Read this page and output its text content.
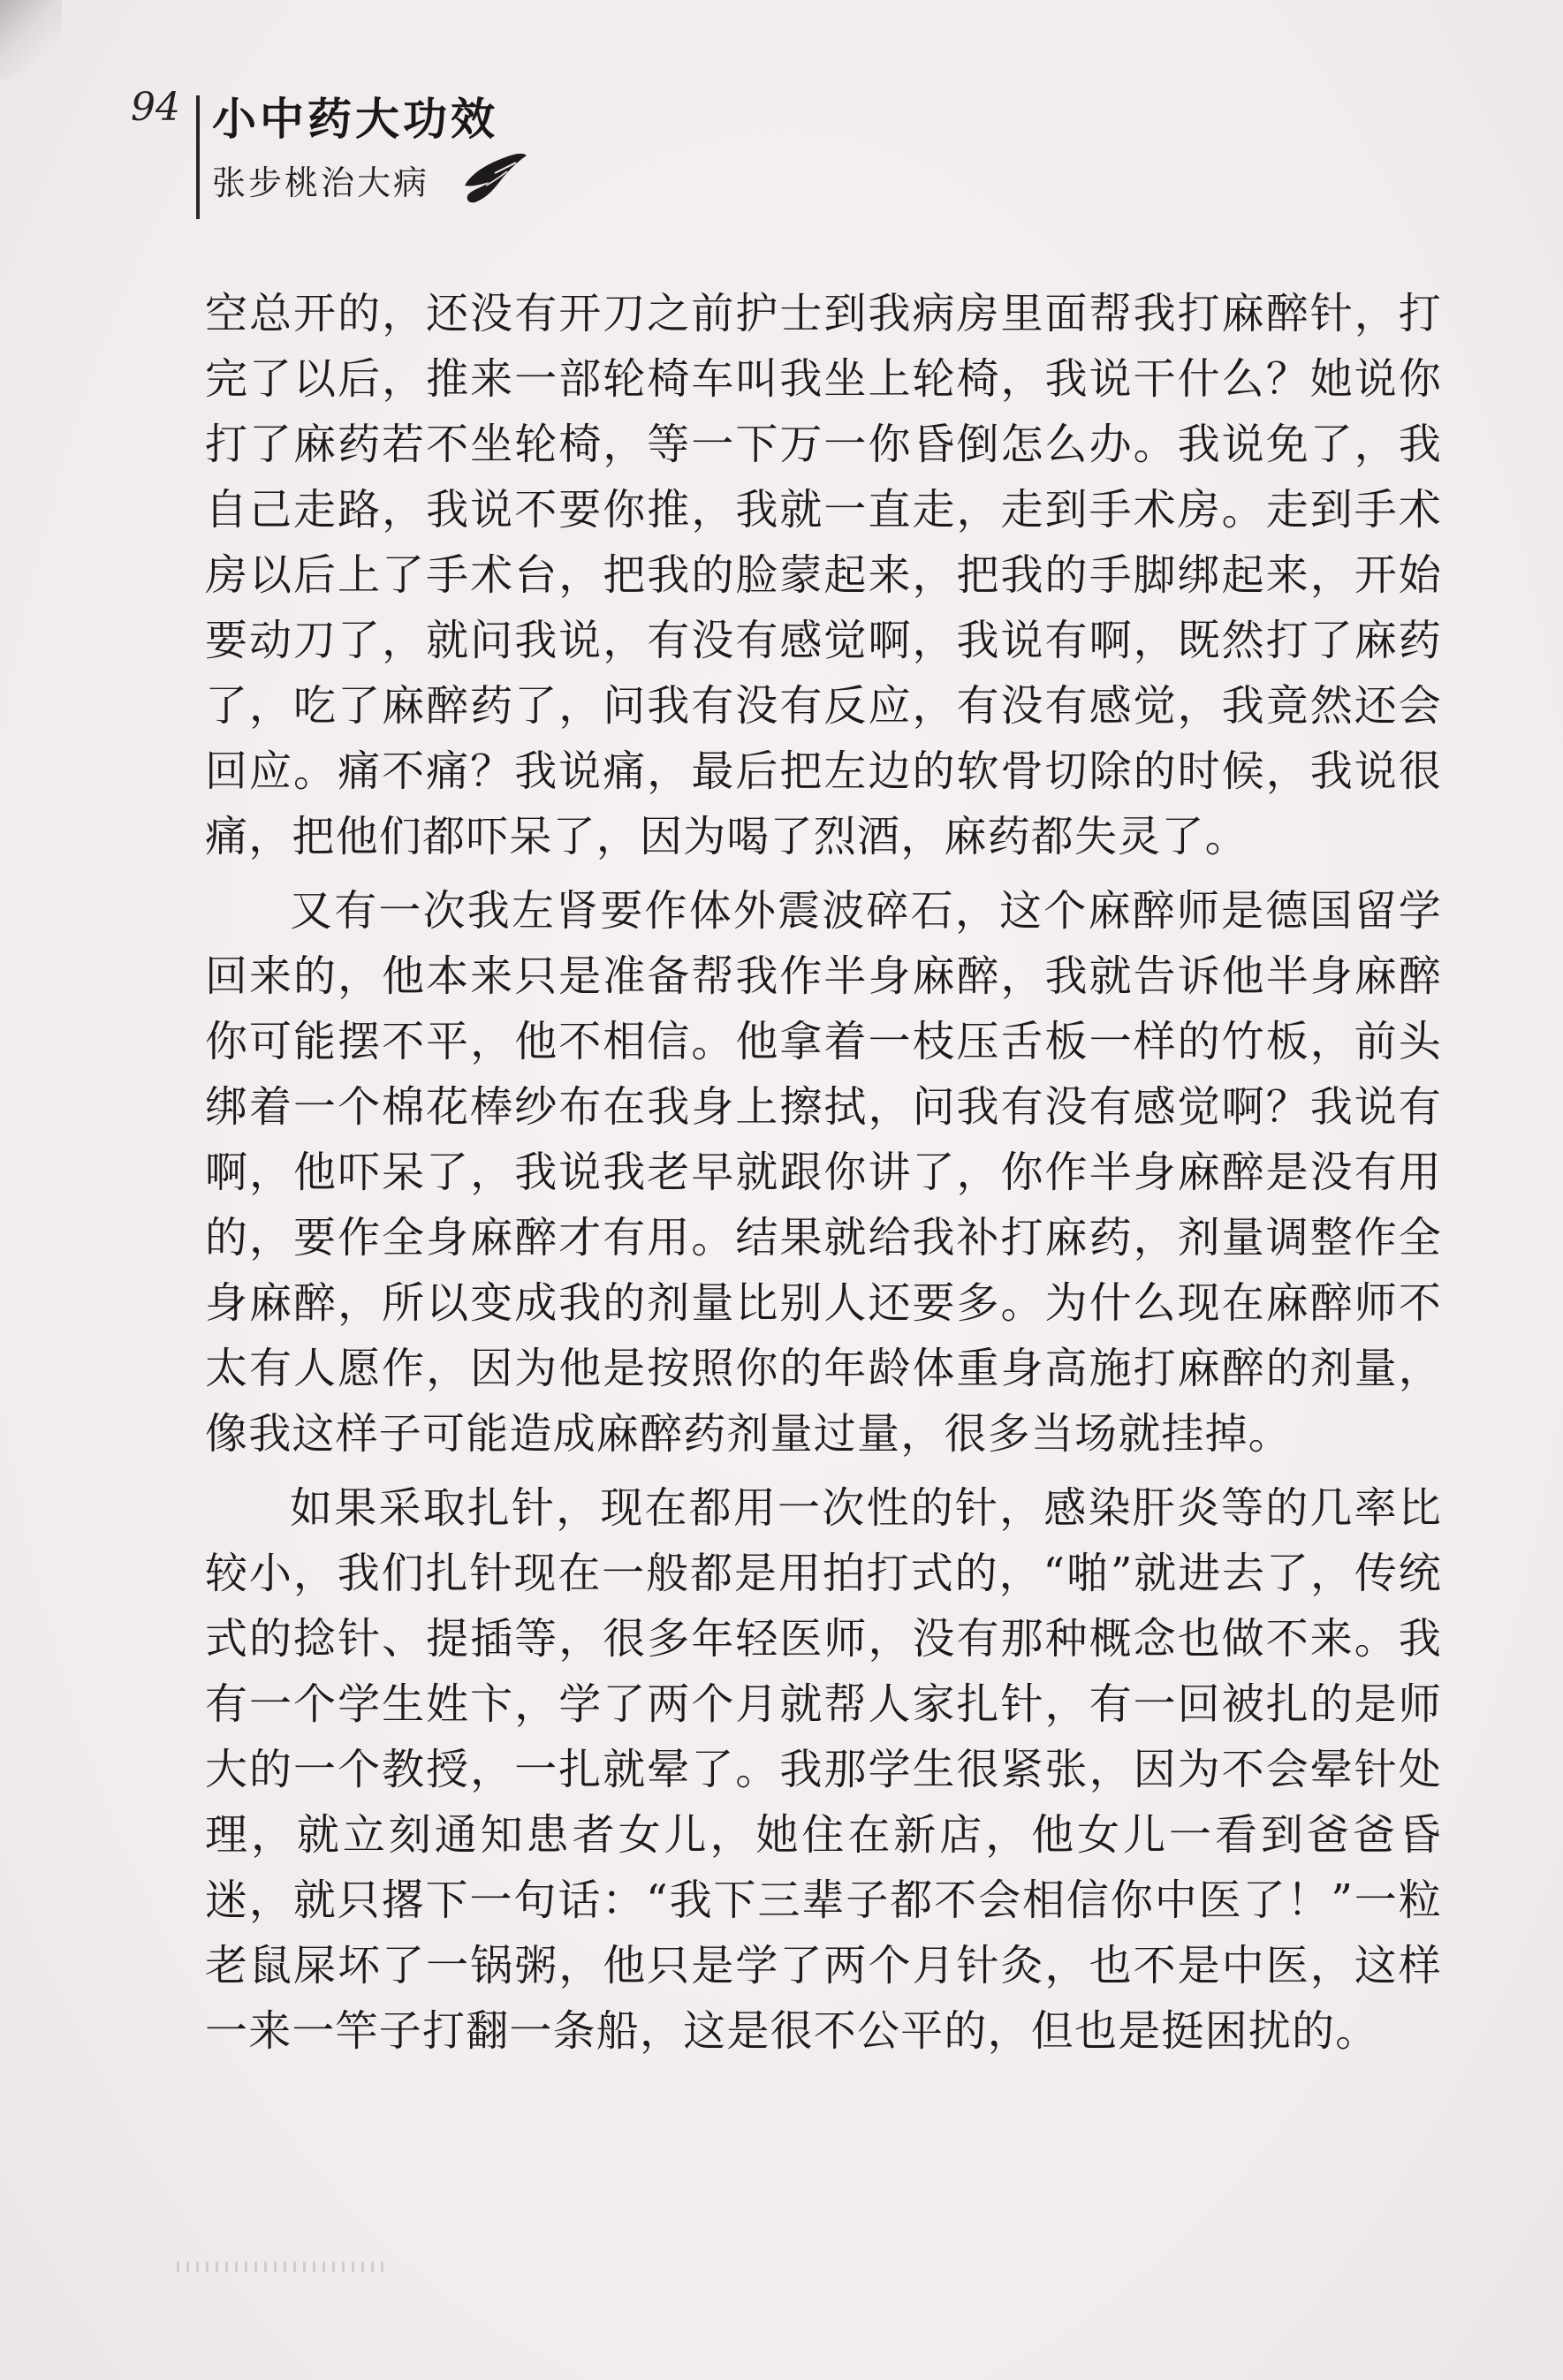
94 小中药大功效
张步桃治大病

空总开的，还没有开刀之前护士到我病房里面帮我打麻醉针，打完了以后，推来一部轮椅车叫我坐上轮椅，我说干什么？她说你打了麻药若不坐轮椅，等一下万一你昏倒怎么办。我说免了，我自己走路，我说不要你推，我就一直走，走到手术房。走到手术房以后上了手术台，把我的脸蒙起来，把我的手脚绑起来，开始要动刀了，就问我说，有没有感觉啊，我说有啊，既然打了麻药了，吃了麻醉药了，问我有没有反应，有没有感觉，我竟然还会回应。痛不痛？我说痛，最后把左边的软骨切除的时候，我说很痛，把他们都吓呆了，因为喝了烈酒，麻药都失灵了。

又有一次我左肾要作体外震波碎石，这个麻醉师是德国留学回来的，他本来只是准备帮我作半身麻醉，我就告诉他半身麻醉你可能摆不平，他不相信。他拿着一枝压舌板一样的竹板，前头绑着一个棉花棒纱布在我身上擦拭，问我有没有感觉啊？我说有啊，他吓呆了，我说我老早就跟你讲了，你作半身麻醉是没有用的，要作全身麻醉才有用。结果就给我补打麻药，剂量调整作全身麻醉，所以变成我的剂量比别人还要多。为什么现在麻醉师不太有人愿作，因为他是按照你的年龄体重身高施打麻醉的剂量，像我这样子可能造成麻醉药剂量过量，很多当场就挂掉。

如果采取扎针，现在都用一次性的针，感染肝炎等的几率比较小，我们扎针现在一般都是用拍打式的，“啪”就进去了，传统式的捻针、提插等，很多年轻医师，没有那种概念也做不来。我有一个学生姓卞，学了两个月就帮人家扎针，有一回被扎的是师大的一个教授，一扎就晕了。我那学生很紧张，因为不会晕针处理，就立刻通知患者女儿，她住在新店，他女儿一看到爸爸昏迷，就只撂下一句话：“我下三辈子都不会相信你中医了！”一粒老鼠屎坏了一锅粥，他只是学了两个月针灸，也不是中医，这样一来一竿子打翻一条船，这是很不公平的，但也是挺困扰的。
